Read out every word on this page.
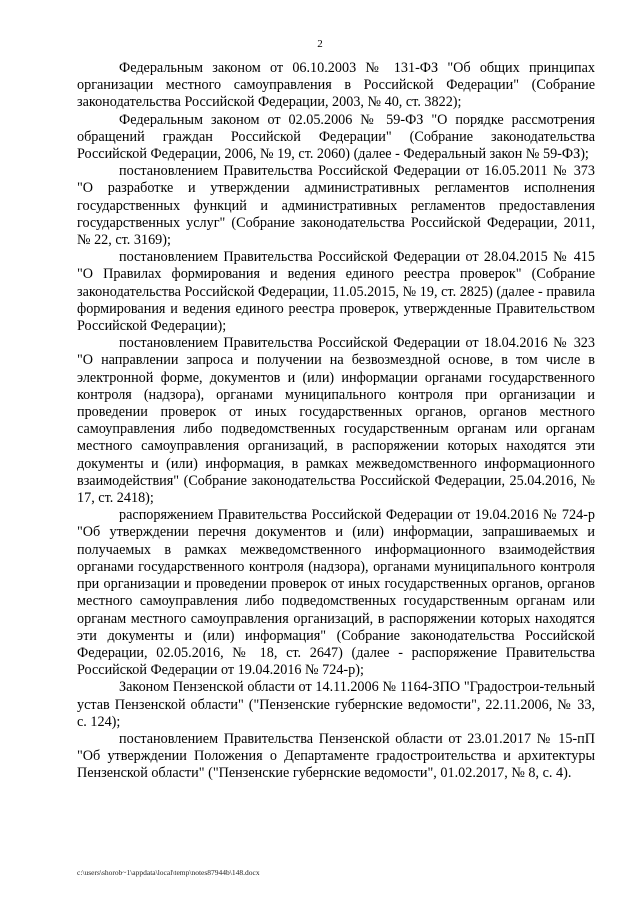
2

Федеральным законом от 06.10.2003 № 131-ФЗ "Об общих принципах организации местного самоуправления в Российской Федерации" (Собрание законодательства Российской Федерации, 2003, № 40, ст. 3822);

Федеральным законом от 02.05.2006 № 59-ФЗ "О порядке рассмотрения обращений граждан Российской Федерации" (Собрание законодательства Российской Федерации, 2006, № 19, ст. 2060) (далее - Федеральный закон № 59-ФЗ);

постановлением Правительства Российской Федерации от 16.05.2011 № 373 "О разработке и утверждении административных регламентов исполнения государственных функций и административных регламентов предоставления государственных услуг" (Собрание законодательства Российской Федерации, 2011, № 22, ст. 3169);

постановлением Правительства Российской Федерации от 28.04.2015 № 415 "О Правилах формирования и ведения единого реестра проверок" (Собрание законодательства Российской Федерации, 11.05.2015, № 19, ст. 2825) (далее - правила формирования и ведения единого реестра проверок, утвержденные Правительством Российской Федерации);

постановлением Правительства Российской Федерации от 18.04.2016 № 323 "О направлении запроса и получении на безвозмездной основе, в том числе в электронной форме, документов и (или) информации органами государственного контроля (надзора), органами муниципального контроля при организации и проведении проверок от иных государственных органов, органов местного самоуправления либо подведомственных государственным органам или органам местного самоуправления организаций, в распоряжении которых находятся эти документы и (или) информация, в рамках межведомственного информационного взаимодействия" (Собрание законодательства Российской Федерации, 25.04.2016, № 17, ст. 2418);

распоряжением Правительства Российской Федерации от 19.04.2016 № 724-р "Об утверждении перечня документов и (или) информации, запрашиваемых и получаемых в рамках межведомственного информационного взаимодействия органами государственного контроля (надзора), органами муниципального контроля при организации и проведении проверок от иных государственных органов, органов местного самоуправления либо подведомственных государственным органам или органам местного самоуправления организаций, в распоряжении которых находятся эти документы и (или) информация" (Собрание законодательства Российской Федерации, 02.05.2016, № 18, ст. 2647) (далее - распоряжение Правительства Российской Федерации от 19.04.2016 № 724-р);

Законом Пензенской области от 14.11.2006 № 1164-ЗПО "Градострои-тельный устав Пензенской области" ("Пензенские губернские ведомости", 22.11.2006, № 33, с. 124);

постановлением Правительства Пензенской области от 23.01.2017 № 15-пП "Об утверждении Положения о Департаменте градостроительства и архитектуры Пензенской области" ("Пензенские губернские ведомости", 01.02.2017, № 8, с. 4).

c:\users\shorob~1\appdata\local\temp\notes87944b\148.docx
